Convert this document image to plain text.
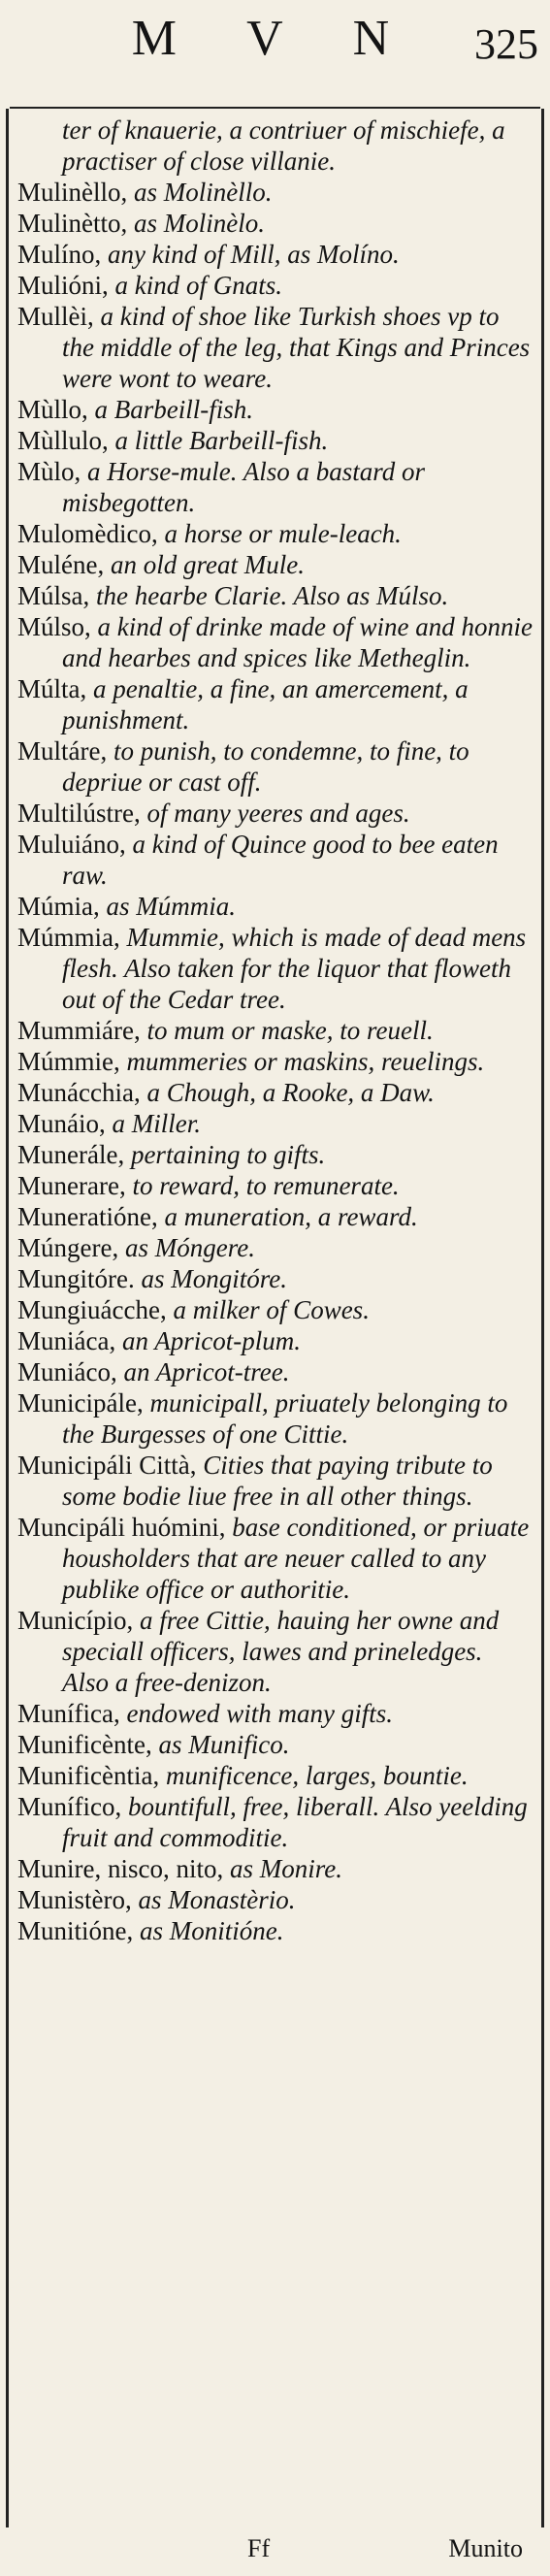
M V N	325

ter of knauerie, a contriuer of mischiefe, a practiser of close villanie.

Mulinèllo, as Molinèllo.

Mulinètto, as Molinèlo.

Mulíno, any kind of Mill, as Molíno.

Mulióni, a kind of Gnats.

Mullèi, a kind of shoe like Turkish shoes vp to the middle of the leg, that Kings and Princes were wont to weare.

Mùllo, a Barbeill-fish.

Mùllulo, a little Barbeill-fish.

Mùlo, a Horse-mule. Also a bastard or misbegotten.

Mulomèdico, a horse or mule-leach.

Muléne, an old great Mule.

Múlsa, the hearbe Clarie. Also as Múlso.

Múlso, a kind of drinke made of wine and honnie and hearbes and spices like Metheglin.

Múlta, a penaltie, a fine, an amercement, a punishment.

Multáre, to punish, to condemne, to fine, to depriue or cast off.

Multilústre, of many yeeres and ages.

Muluiáno, a kind of Quince good to bee eaten raw.

Múmia, as Múmmia.

Múmmia, Mummie, which is made of dead mens flesh. Also taken for the liquor that floweth out of the Cedar tree.

Mummiáre, to mum or maske, to reuell.

Múmmie, mummeries or maskins, reuelings.

Munácchia, a Chough, a Rooke, a Daw.

Munáio, a Miller.

Munerále, pertaining to gifts.

Munerare, to reward, to remunerate.

Muneratióne, a muneration, a reward.

Múngere, as Móngere.

Mungitóre. as Mongitóre.

Mungiuácche, a milker of Cowes.

Muniáca, an Apricot-plum.

Muniáco, an Apricot-tree.

Municipále, municipall, priuately belonging to the Burgesses of one Cittie.

Municipáli Città, Cities that paying tribute to some bodie liue free in all other things.

Muncipáli huómini, base conditioned, or priuate housholders that are neuer called to any publike office or authoritie.

Município, a free Cittie, hauing her owne and speciall officers, lawes and prineledges. Also a free-denizon.

Munífica, endowed with many gifts.

Munificènte, as Munifico.

Munificèntia, munificence, larges, bountie.

Munífico, bountifull, free, liberall. Also yeelding fruit and commoditie.

Munire, nisco, nito, as Monire.

Munistèro, as Monastèrio.

Munitióne, as Monitióne.

Ff	Munito
